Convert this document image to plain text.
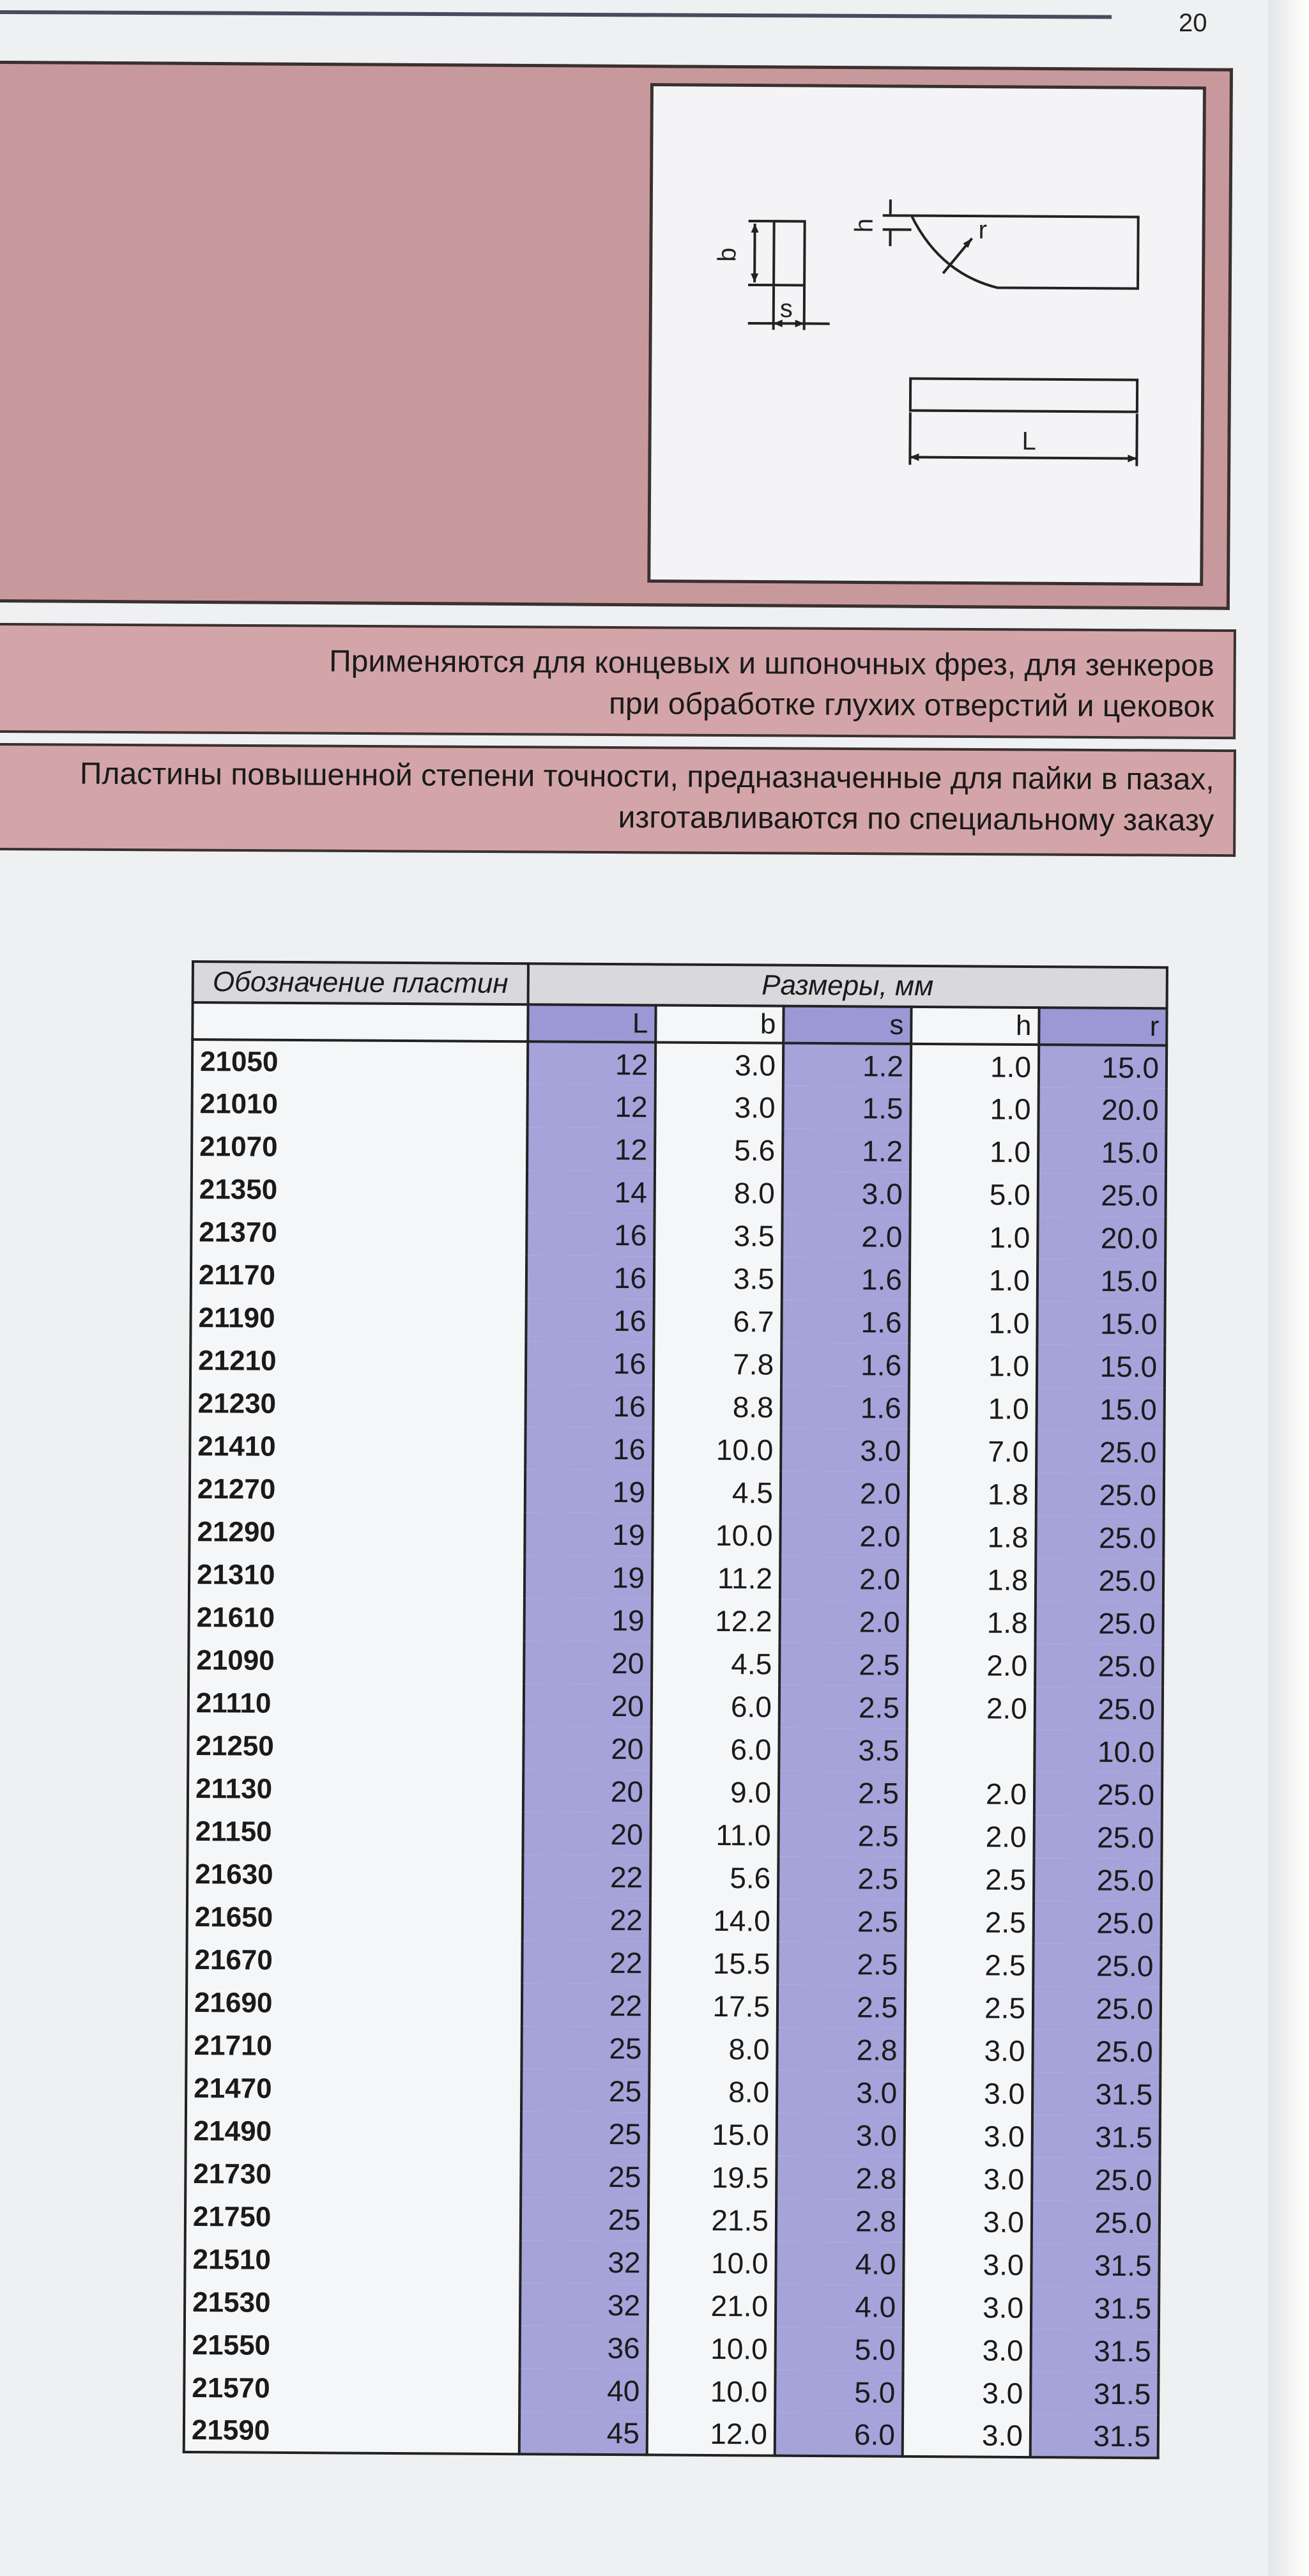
20
b
s
h	r
L

Применяются для концевых и шпоночных фрез, для зенкеров

при обработке глухих отверстий и цековок

Пластины повышенной степени точности, предназначенные для пайки в пазах,

изготавливаются по специальному заказу

Обозначение пластин	Размеры, мм				
	L	b	s	h	r
21050	12	3.0	1.2	1.0	15.0
21010	12	3.0	1.5	1.0	20.0
21070	12	5.6	1.2	1.0	15.0
21350	14	8.0	3.0	5.0	25.0
21370	16	3.5	2.0	1.0	20.0
21170	16	3.5	1.6	1.0	15.0
21190	16	6.7	1.6	1.0	15.0
21210	16	7.8	1.6	1.0	15.0
21230	16	8.8	1.6	1.0	15.0
21410	16	10.0	3.0	7.0	25.0
21270	19	4.5	2.0	1.8	25.0
21290	19	10.0	2.0	1.8	25.0
21310	19	11.2	2.0	1.8	25.0
21610	19	12.2	2.0	1.8	25.0
21090	20	4.5	2.5	2.0	25.0
21110	20	6.0	2.5	2.0	25.0
21250	20	6.0	3.5		10.0
21130	20	9.0	2.5	2.0	25.0
21150	20	11.0	2.5	2.0	25.0
21630	22	5.6	2.5	2.5	25.0
21650	22	14.0	2.5	2.5	25.0
21670	22	15.5	2.5	2.5	25.0
21690	22	17.5	2.5	2.5	25.0
21710	25	8.0	2.8	3.0	25.0
21470	25	8.0	3.0	3.0	31.5
21490	25	15.0	3.0	3.0	31.5
21730	25	19.5	2.8	3.0	25.0
21750	25	21.5	2.8	3.0	25.0
21510	32	10.0	4.0	3.0	31.5
21530	32	21.0	4.0	3.0	31.5
21550	36	10.0	5.0	3.0	31.5
21570	40	10.0	5.0	3.0	31.5
21590	45	12.0	6.0	3.0	31.5
